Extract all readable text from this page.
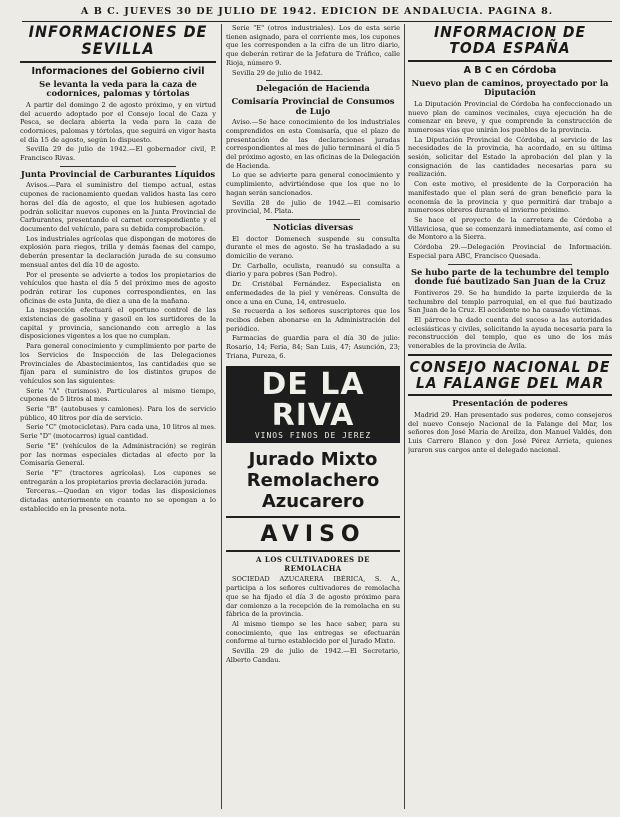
A B C. JUEVES 30 DE JULIO DE 1942. EDICION DE ANDALUCIA. PAGINA 8.
INFORMACIONES DE SEVILLA
Informaciones del Gobierno civil
Se levanta la veda para la caza de codornices, palomas y tórtolas

A partir del domingo 2 de agosto próximo, y en virtud del acuerdo adoptado por el Consejo local de Caza y Pesca, se declara abierta la veda para la caza de codornices, palomas y tórtolas, que seguirá en vigor hasta el día 15 de agosto, según lo dispuesto.

Sevilla 29 de julio de 1942.—El gobernador civil, P. Francisco Rivas.

Junta Provincial de Carburantes Líquidos

Avisos.—Para el suministro del tiempo actual, estas cupones de racionamiento quedan validos hasta las cero horas del día de agosto, el que los hubiesen agotado podrán solicitar nuevos cupones en la Junta Provincial de Carburantes, presentando el carnet correspondiente y el documento del vehículo, para su debida comprobación.

Los industriales agrícolas que dispongan de motores de explosión para riegos, trilla y demás faenas del campo, deberán presentar la declaración jurada de su consumo mensual antes del día 10 de agosto.

Por el presente se advierte a todos los propietarios de vehículos que hasta el día 5 del próximo mes de agosto podrán retirar los cupones correspondientes, en las oficinas de esta Junta, de diez a una de la mañana.

La inspección efectuará el oportuno control de las existencias de gasolina y gasoil en los surtidores de la capital y provincia, sancionando con arreglo a las disposiciones vigentes a los que no cumplan.

Para general conocimiento y cumplimiento por parte de los Servicios de Inspección de las Delegaciones Provinciales de Abastecimientos, las cantidades que se fijan para el suministro de los distintos grupos de vehículos son las siguientes:

Serie "A" (turismos). Particulares al mismo tiempo, cupones de 5 litros al mes.

Serie "B" (autobuses y camiones). Para los de servicio público, 40 litros por día de servicio.

Serie "C" (motocicletas). Para cada una, 10 litros al mes. Serie "D" (motocarros) igual cantidad.

Serie "E" (vehículos de la Administración) se regirán por las normas especiales dictadas al efecto por la Comisaría General.

Serie "F" (tractores agrícolas). Los cupones se entregarán a los propietarios previa declaración jurada.

Terceras.—Quedan en vigor todas las disposiciones dictadas anteriormente en cuanto no se opongan a lo establecido en la presente nota.

Serie "E" (otros industriales). Los de esta serie tienen asignado, para el corriente mes, los cupones que les corresponden a la cifra de un litro diario, que deberán retirar de la Jefatura de Tráfico, calle Rioja, número 9.

Sevilla 29 de julio de 1942.

Delegación de Hacienda
Comisaría Provincial de Consumos de Lujo

Aviso.—Se hace conocimiento de los industriales comprendidos en esta Comisaría, que el plazo de presentación de las declaraciones juradas correspondientes al mes de julio terminará el día 5 del próximo agosto, en las oficinas de la Delegación de Hacienda.

Lo que se advierte para general conocimiento y cumplimiento, advirtiéndose que los que no lo hagan serán sancionados.

Sevilla 28 de julio de 1942.—El comisario provincial, M. Plata.

Noticias diversas

El doctor Domenech suspende su consulta durante el mes de agosto. Se ha trasladado a su domicilio de verano.

Dr. Carballo, oculista, reanudó su consulta a diario y para pobres (San Pedro).

Dr. Cristóbal Fernández. Especialista en enfermedades de la piel y venéreas. Consulta de once a una en Cuna, 14, entresuelo.

Se recuerda a los señores suscriptores que los recibos deben abonarse en la Administración del periódico.

Farmacias de guardia para el día 30 de julio: Rosario, 14; Feria, 84; San Luis, 47; Asunción, 23; Triana, Pureza, 6.

DE LA RIVA
VINOS FINOS DE JEREZ
Jurado Mixto Remolachero Azucarero
AVISO
A LOS CULTIVADORES DE REMOLACHA

SOCIEDAD AZUCARERA IBÉRICA, S. A., participa a los señores cultivadores de remolacha que se ha fijado el día 3 de agosto próximo para dar comienzo a la recepción de la remolacha en su fábrica de la provincia.

Al mismo tiempo se les hace saber, para su conocimiento, que las entregas se efectuarán conforme al turno establecido por el Jurado Mixto.

Sevilla 29 de julio de 1942.—El Secretario, Alberto Candau.

INFORMACION DE TODA ESPAÑA
A B C en Córdoba
Nuevo plan de caminos, proyectado por la Diputación

La Diputación Provincial de Córdoba ha confeccionado un nuevo plan de caminos vecinales, cuya ejecución ha de comenzar en breve, y que comprende la construcción de numerosas vías que unirán los pueblos de la provincia.

La Diputación Provincial de Córdoba, al servicio de las necesidades de la provincia, ha acordado, en su última sesión, solicitar del Estado la aprobación del plan y la consignación de las cantidades necesarias para su realización.

Con este motivo, el presidente de la Corporación ha manifestado que el plan será de gran beneficio para la economía de la provincia y que permitirá dar trabajo a numerosos obreros durante el invierno próximo.

Se hace el proyecto de la carretera de Córdoba a Villaviciosa, que se comenzará inmediatamente, así como el de Montoro a la Sierra.

Córdoba 29.—Delegación Provincial de Información. Especial para ABC, Francisco Quesada.

Se hubo parte de la techumbre del templo donde fué bautizado San Juan de la Cruz

Fontiveros 29. Se ha hundido la parte izquierda de la techumbre del templo parroquial, en el que fué bautizado San Juan de la Cruz. El accidente no ha causado víctimas.

El párroco ha dado cuenta del suceso a las autoridades eclesiásticas y civiles, solicitando la ayuda necesaria para la reconstrucción del templo, que es uno de los más venerables de la provincia de Ávila.

CONSEJO NACIONAL DE LA FALANGE DEL MAR
Presentación de poderes

Madrid 29. Han presentado sus poderes, como consejeros del nuevo Consejo Nacional de la Falange del Mar, los señores don José María de Areilza, don Manuel Valdés, don Luis Carrero Blanco y don José Pérez Arrieta, quienes juraron sus cargos ante el delegado nacional.
